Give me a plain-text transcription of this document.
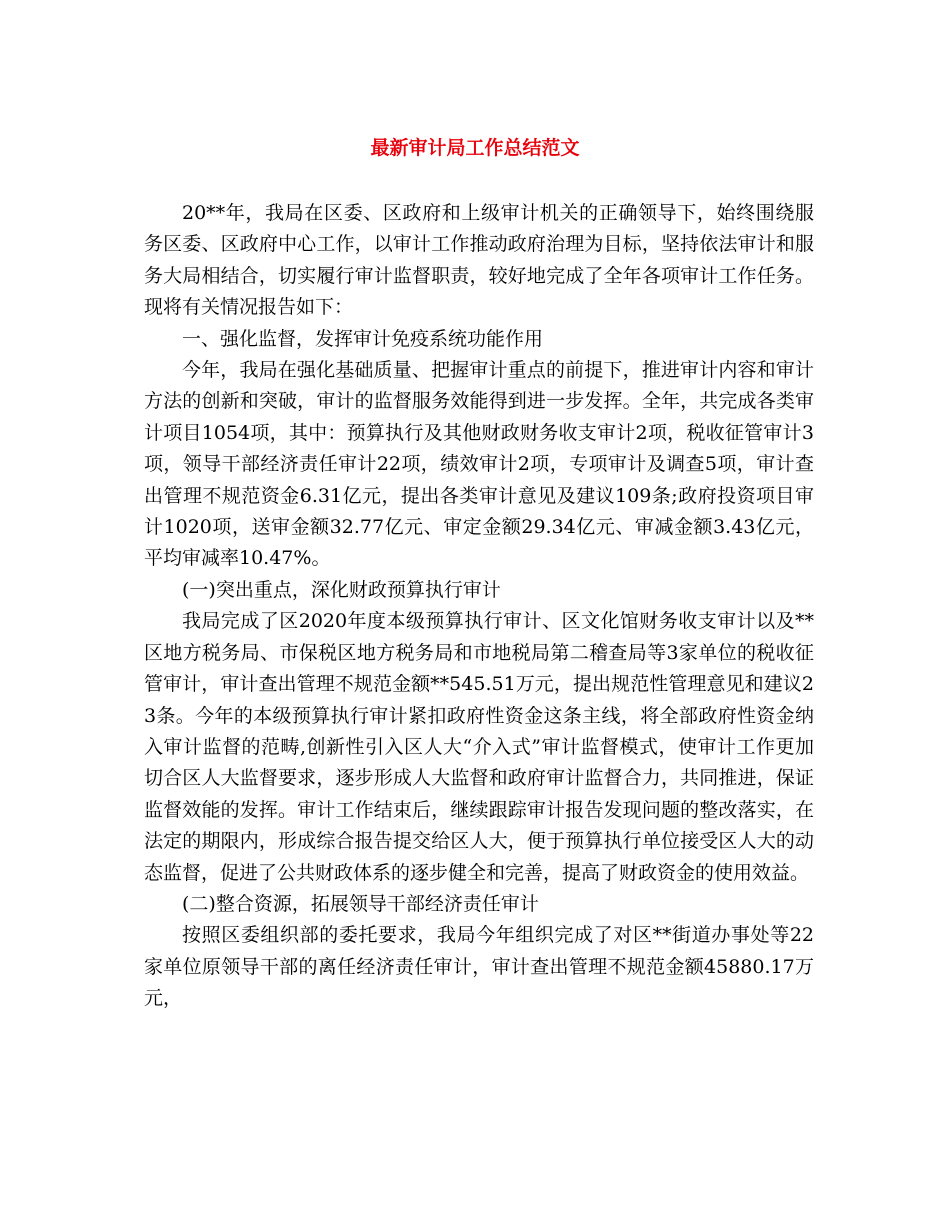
最新审计局工作总结范文

20**年，我局在区委、区政府和上级审计机关的正确领导下，始终围绕服务区委、区政府中心工作，以审计工作推动政府治理为目标，坚持依法审计和服务大局相结合，切实履行审计监督职责，较好地完成了全年各项审计工作任务。现将有关情况报告如下：

一、强化监督，发挥审计免疫系统功能作用

今年，我局在强化基础质量、把握审计重点的前提下，推进审计内容和审计方法的创新和突破，审计的监督服务效能得到进一步发挥。全年，共完成各类审计项目1054项，其中：预算执行及其他财政财务收支审计2项，税收征管审计3项，领导干部经济责任审计22项，绩效审计2项，专项审计及调查5项，审计查出管理不规范资金6.31亿元，提出各类审计意见及建议109条;政府投资项目审计1020项，送审金额32.77亿元、审定金额29.34亿元、审减金额3.43亿元，平均审减率10.47%。

(一)突出重点，深化财政预算执行审计

我局完成了区2020年度本级预算执行审计、区文化馆财务收支审计以及**区地方税务局、市保税区地方税务局和市地税局第二稽查局等3家单位的税收征管审计，审计查出管理不规范金额**545.51万元，提出规范性管理意见和建议23条。今年的本级预算执行审计紧扣政府性资金这条主线，将全部政府性资金纳入审计监督的范畴,创新性引入区人大“介入式”审计监督模式，使审计工作更加切合区人大监督要求，逐步形成人大监督和政府审计监督合力，共同推进，保证监督效能的发挥。审计工作结束后，继续跟踪审计报告发现问题的整改落实，在法定的期限内，形成综合报告提交给区人大，便于预算执行单位接受区人大的动态监督，促进了公共财政体系的逐步健全和完善，提高了财政资金的使用效益。

(二)整合资源，拓展领导干部经济责任审计

按照区委组织部的委托要求，我局今年组织完成了对区**街道办事处等22家单位原领导干部的离任经济责任审计，审计查出管理不规范金额45880.17万元，
